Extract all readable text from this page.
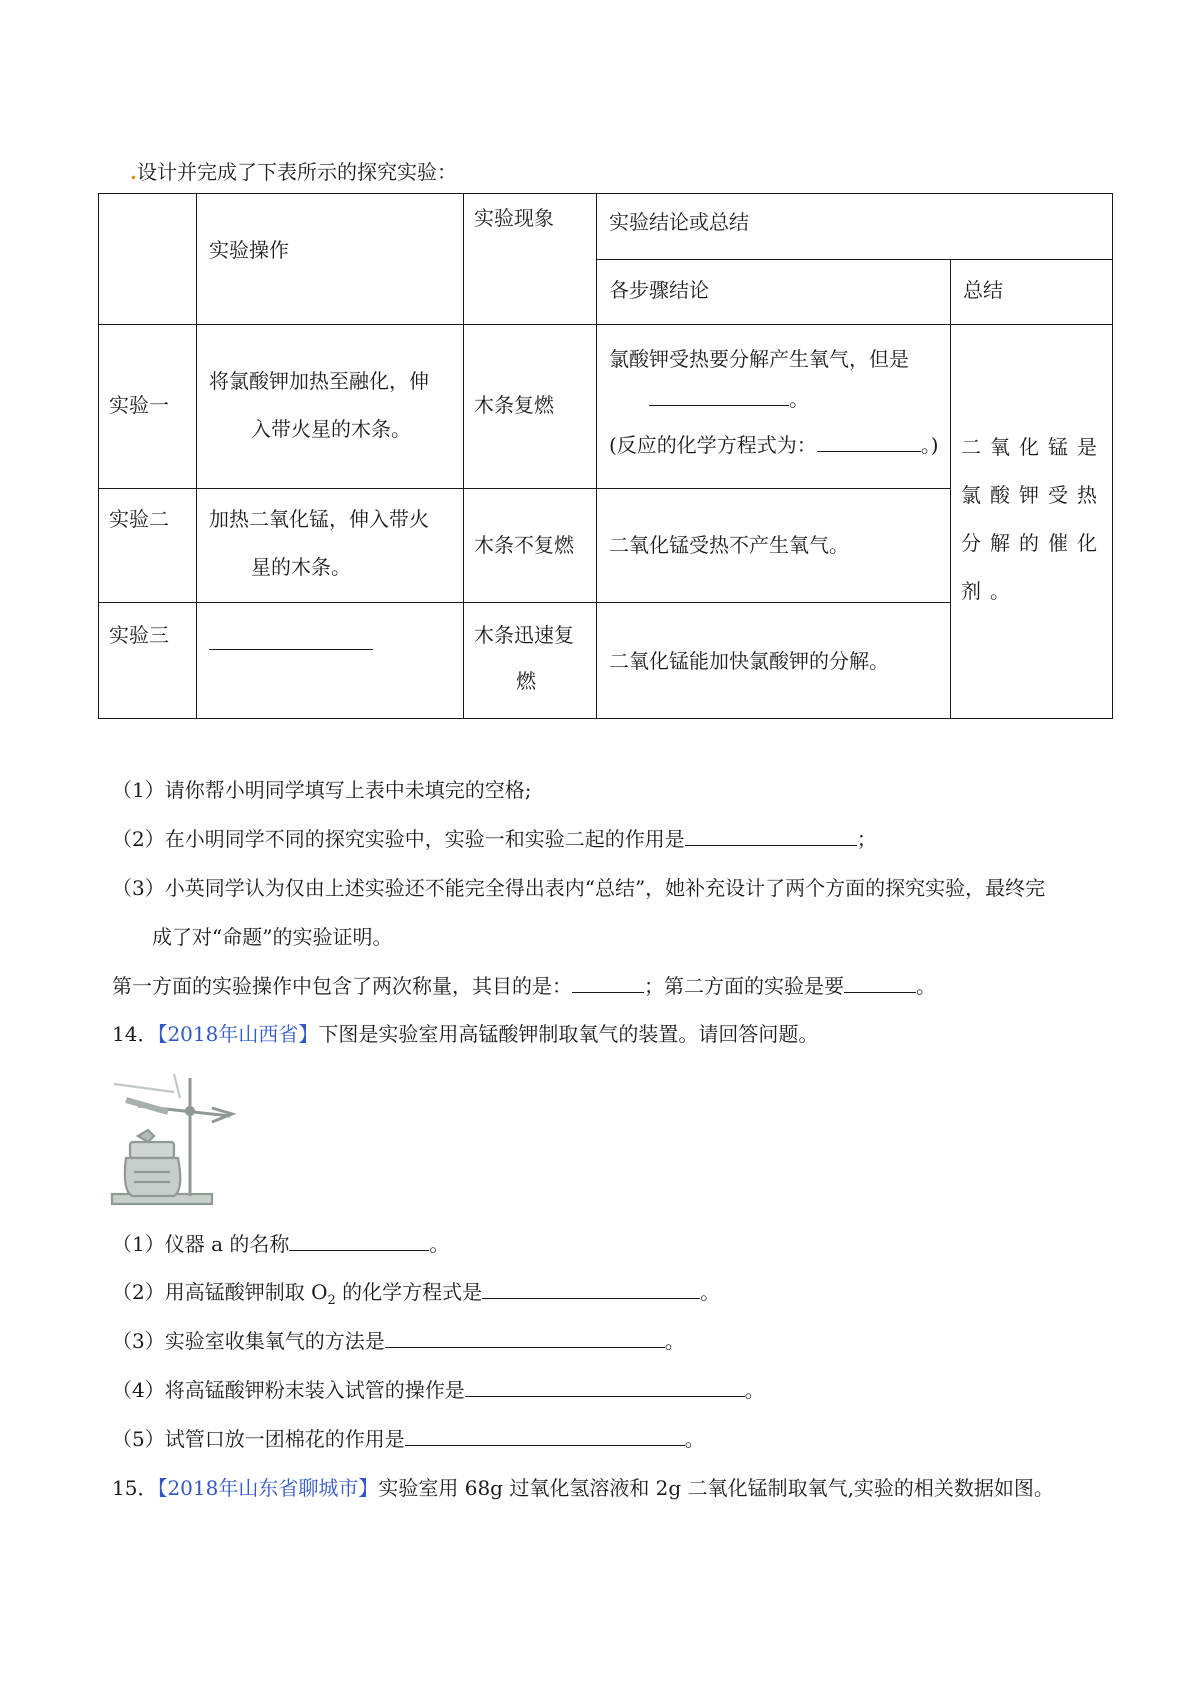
.设计并完成了下表所示的探究实验：

	实验操作	实验现象	实验结论或总结	

			各步骤结论	总结

实验一	将氯酸钾加热至融化，伸
入带火星的木条。	木条复燃	氯酸钾受热要分解产生氧气，但是
。
(反应的化学方程式为： 。)	二氧化锰是氯酸钾受热分解的催化剂。

实验二	加热二氧化锰，伸入带火
星的木条。	木条不复燃	二氧化锰受热不产生氧气。	

实验三		木条迅速复
燃	二氧化锰能加快氯酸钾的分解。	
（1）请你帮小明同学填写上表中未填完的空格;
（2）在小明同学不同的探究实验中，实验一和实验二起的作用是	；
（3）小英同学认为仅由上述实验还不能完全得出表内“总结”，她补充设计了两个方面的探究实验，最终完
成了对“命题”的实验证明。
第一方面的实验操作中包含了两次称量，其目的是：	；第二方面的实验是要	。
14．【2018年山西省】下图是实验室用高锰酸钾制取氧气的装置。请回答问题。
（1）仪器 a 的名称	。
（2）用高锰酸钾制取 $O_2$ 的化学方程式是	。
（3）实验室收集氧气的方法是	。
（4）将高锰酸钾粉末装入试管的操作是	。
（5）试管口放一团棉花的作用是	。
15．【2018年山东省聊城市】实验室用 68g 过氧化氢溶液和 2g 二氧化锰制取氧气,实验的相关数据如图。
